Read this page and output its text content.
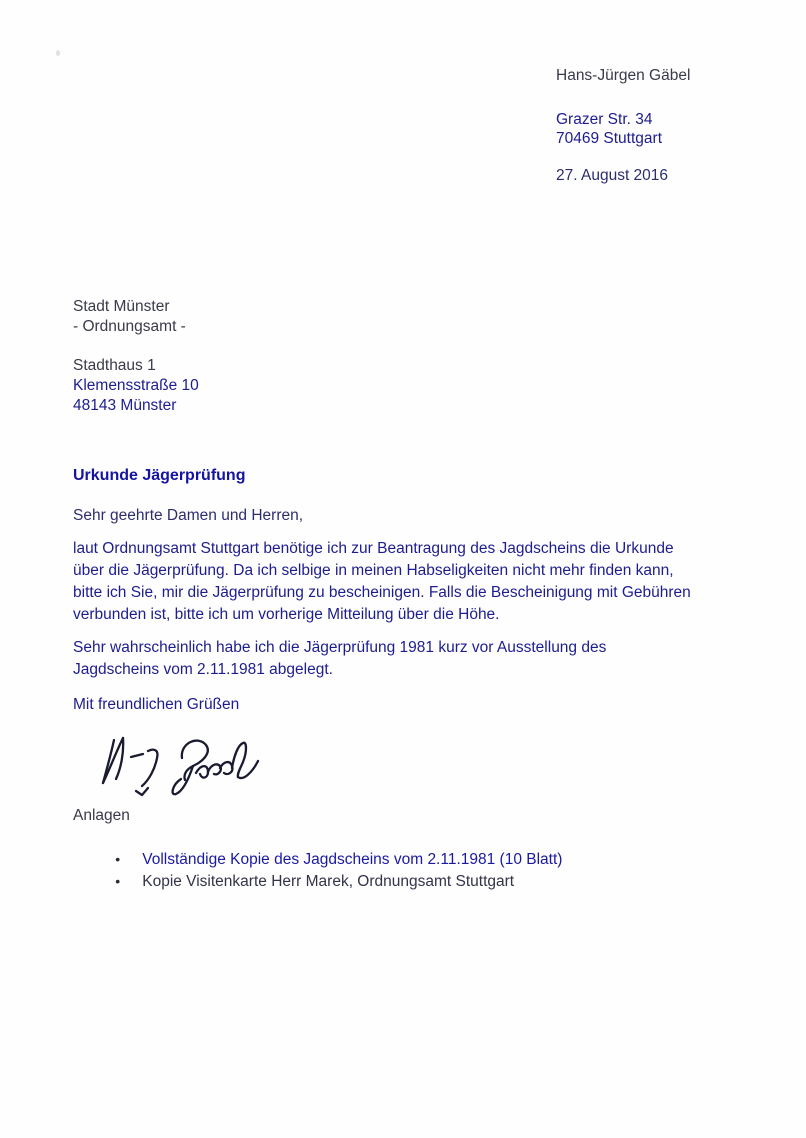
Hans-Jürgen Gäbel
Grazer Str. 34
70469 Stuttgart
27. August 2016
Stadt Münster
- Ordnungsamt -
Stadthaus 1
Klemensstraße 10
48143 Münster
Urkunde Jägerprüfung
Sehr geehrte Damen und Herren,
laut Ordnungsamt Stuttgart benötige ich zur Beantragung des Jagdscheins die Urkunde
über die Jägerprüfung. Da ich selbige in meinen Habseligkeiten nicht mehr finden kann,
bitte ich Sie, mir die Jägerprüfung zu bescheinigen. Falls die Bescheinigung mit Gebühren
verbunden ist, bitte ich um vorherige Mitteilung über die Höhe.
Sehr wahrscheinlich habe ich die Jägerprüfung 1981 kurz vor Ausstellung des
Jagdscheins vom 2.11.1981 abgelegt.
Mit freundlichen Grüßen

Anlagen

• Vollständige Kopie des Jagdscheins vom 2.11.1981 (10 Blatt)

• Kopie Visitenkarte Herr Marek, Ordnungsamt Stuttgart
